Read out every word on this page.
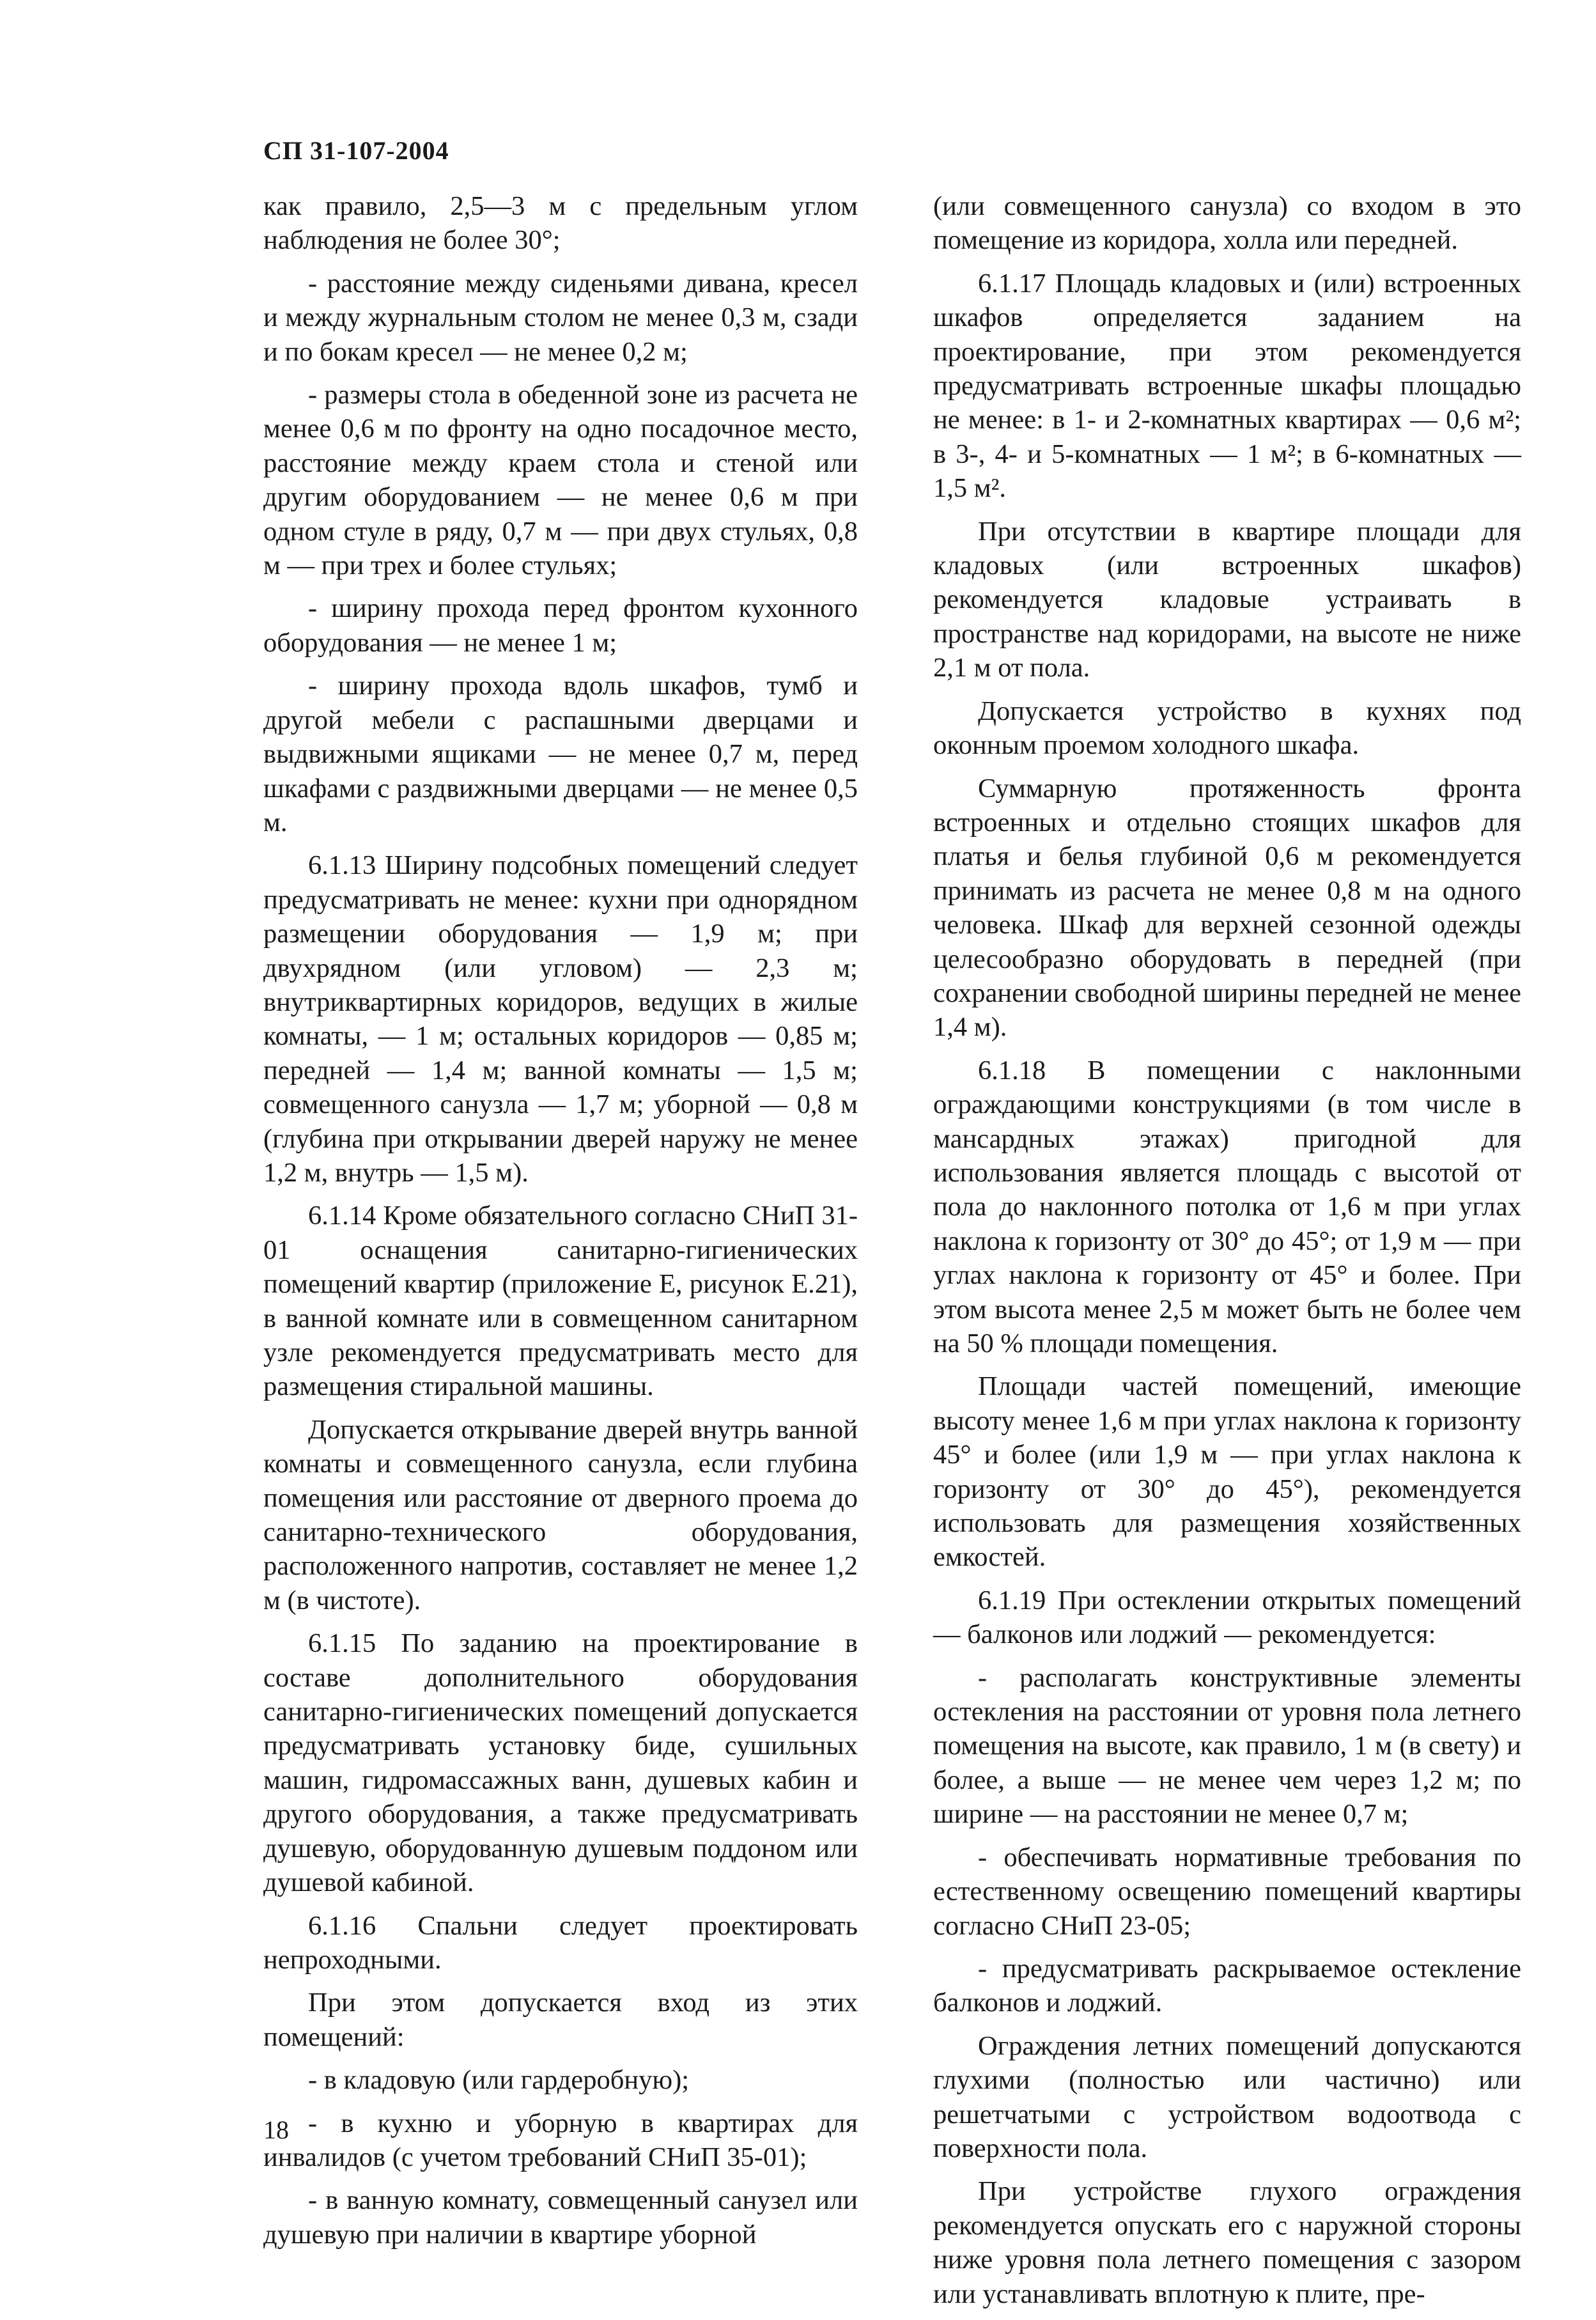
СП 31-107-2004

как правило, 2,5—3 м с предельным углом наблюдения не более 30°;

- расстояние между сиденьями дивана, кресел и между журнальным столом не менее 0,3 м, сзади и по бокам кресел — не менее 0,2 м;

- размеры стола в обеденной зоне из расчета не менее 0,6 м по фронту на одно посадочное место, расстояние между краем стола и стеной или другим оборудованием — не менее 0,6 м при одном стуле в ряду, 0,7 м — при двух стульях, 0,8 м — при трех и более стульях;

- ширину прохода перед фронтом кухонного оборудования — не менее 1 м;

- ширину прохода вдоль шкафов, тумб и другой мебели с распашными дверцами и выдвижными ящиками — не менее 0,7 м, перед шкафами с раздвижными дверцами — не менее 0,5 м.

6.1.13 Ширину подсобных помещений следует предусматривать не менее: кухни при однорядном размещении оборудования — 1,9 м; при двухрядном (или угловом) — 2,3 м; внутриквартирных коридоров, ведущих в жилые комнаты, — 1 м; остальных коридоров — 0,85 м; передней — 1,4 м; ванной комнаты — 1,5 м; совмещенного санузла — 1,7 м; уборной — 0,8 м (глубина при открывании дверей наружу не менее 1,2 м, внутрь — 1,5 м).

6.1.14 Кроме обязательного согласно СНиП 31-01 оснащения санитарно-гигиенических помещений квартир (приложение Е, рисунок Е.21), в ванной комнате или в совмещенном санитарном узле рекомендуется предусматривать место для размещения стиральной машины.

Допускается открывание дверей внутрь ванной комнаты и совмещенного санузла, если глубина помещения или расстояние от дверного проема до санитарно-технического оборудования, расположенного напротив, составляет не менее 1,2 м (в чистоте).

6.1.15 По заданию на проектирование в составе дополнительного оборудования санитарно-гигиенических помещений допускается предусматривать установку биде, сушильных машин, гидромассажных ванн, душевых кабин и другого оборудования, а также предусматривать душевую, оборудованную душевым поддоном или душевой кабиной.

6.1.16 Спальни следует проектировать непроходными.

При этом допускается вход из этих помещений:

- в кладовую (или гардеробную);

- в кухню и уборную в квартирах для инвалидов (с учетом требований СНиП 35-01);

- в ванную комнату, совмещенный санузел или душевую при наличии в квартире уборной

(или совмещенного санузла) со входом в это помещение из коридора, холла или передней.

6.1.17 Площадь кладовых и (или) встроенных шкафов определяется заданием на проектирование, при этом рекомендуется предусматривать встроенные шкафы площадью не менее: в 1- и 2-комнатных квартирах — 0,6 м²; в 3-, 4- и 5-комнатных — 1 м²; в 6-комнатных — 1,5 м².

При отсутствии в квартире площади для кладовых (или встроенных шкафов) рекомендуется кладовые устраивать в пространстве над коридорами, на высоте не ниже 2,1 м от пола.

Допускается устройство в кухнях под оконным проемом холодного шкафа.

Суммарную протяженность фронта встроенных и отдельно стоящих шкафов для платья и белья глубиной 0,6 м рекомендуется принимать из расчета не менее 0,8 м на одного человека. Шкаф для верхней сезонной одежды целесообразно оборудовать в передней (при сохранении свободной ширины передней не менее 1,4 м).

6.1.18 В помещении с наклонными ограждающими конструкциями (в том числе в мансардных этажах) пригодной для использования является площадь с высотой от пола до наклонного потолка от 1,6 м при углах наклона к горизонту от 30° до 45°; от 1,9 м — при углах наклона к горизонту от 45° и более. При этом высота менее 2,5 м может быть не более чем на 50 % площади помещения.

Площади частей помещений, имеющие высоту менее 1,6 м при углах наклона к горизонту 45° и более (или 1,9 м — при углах наклона к горизонту от 30° до 45°), рекомендуется использовать для размещения хозяйственных емкостей.

6.1.19 При остеклении открытых помещений — балконов или лоджий — рекомендуется:

- располагать конструктивные элементы остекления на расстоянии от уровня пола летнего помещения на высоте, как правило, 1 м (в свету) и более, а выше — не менее чем через 1,2 м; по ширине — на расстоянии не менее 0,7 м;

- обеспечивать нормативные требования по естественному освещению помещений квартиры согласно СНиП 23-05;

- предусматривать раскрываемое остекление балконов и лоджий.

Ограждения летних помещений допускаются глухими (полностью или частично) или решетчатыми с устройством водоотвода с поверхности пола.

При устройстве глухого ограждения рекомендуется опускать его с наружной стороны ниже уровня пола летнего помещения с зазором или устанавливать вплотную к плите, пре-

18
